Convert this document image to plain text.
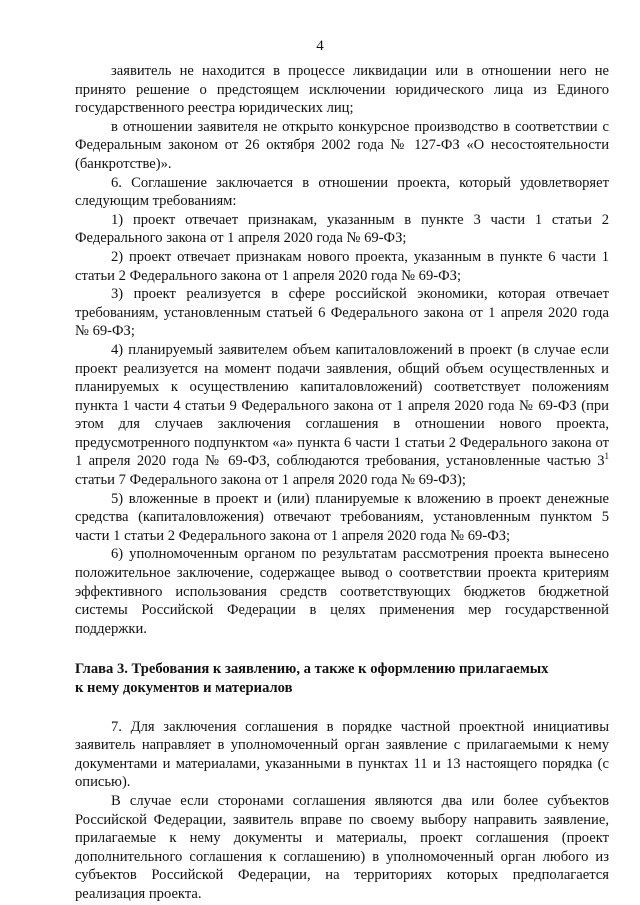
4

заявитель не находится в процессе ликвидации или в отношении него не принято решение о предстоящем исключении юридического лица из Единого государственного реестра юридических лиц;

в отношении заявителя не открыто конкурсное производство в соответствии с Федеральным законом от 26 октября 2002 года № 127-ФЗ «О несостоятельности (банкротстве)».

6. Соглашение заключается в отношении проекта, который удовлетворяет следующим требованиям:

1) проект отвечает признакам, указанным в пункте 3 части 1 статьи 2 Федерального закона от 1 апреля 2020 года № 69-ФЗ;

2) проект отвечает признакам нового проекта, указанным в пункте 6 части 1 статьи 2 Федерального закона от 1 апреля 2020 года № 69-ФЗ;

3) проект реализуется в сфере российской экономики, которая отвечает требованиям, установленным статьей 6 Федерального закона от 1 апреля 2020 года № 69-ФЗ;

4) планируемый заявителем объем капиталовложений в проект (в случае если проект реализуется на момент подачи заявления, общий объем осуществленных и планируемых к осуществлению капиталовложений) соответствует положениям пункта 1 части 4 статьи 9 Федерального закона от 1 апреля 2020 года № 69-ФЗ (при этом для случаев заключения соглашения в отношении нового проекта, предусмотренного подпунктом «а» пункта 6 части 1 статьи 2 Федерального закона от 1 апреля 2020 года № 69-ФЗ, соблюдаются требования, установленные частью $3^1$ статьи 7 Федерального закона от 1 апреля 2020 года № 69-ФЗ);

5) вложенные в проект и (или) планируемые к вложению в проект денежные средства (капиталовложения) отвечают требованиям, установленным пунктом 5 части 1 статьи 2 Федерального закона от 1 апреля 2020 года № 69-ФЗ;

6) уполномоченным органом по результатам рассмотрения проекта вынесено положительное заключение, содержащее вывод о соответствии проекта критериям эффективного использования средств соответствующих бюджетов бюджетной системы Российской Федерации в целях применения мер государственной поддержки.

Глава 3. Требования к заявлению, а также к оформлению прилагаемых

к нему документов и материалов

7. Для заключения соглашения в порядке частной проектной инициативы заявитель направляет в уполномоченный орган заявление с прилагаемыми к нему документами и материалами, указанными в пунктах 11 и 13 настоящего порядка (с описью).

В случае если сторонами соглашения являются два или более субъектов Российской Федерации, заявитель вправе по своему выбору направить заявление, прилагаемые к нему документы и материалы, проект соглашения (проект дополнительного соглашения к соглашению) в уполномоченный орган любого из субъектов Российской Федерации, на территориях которых предполагается реализация проекта.
